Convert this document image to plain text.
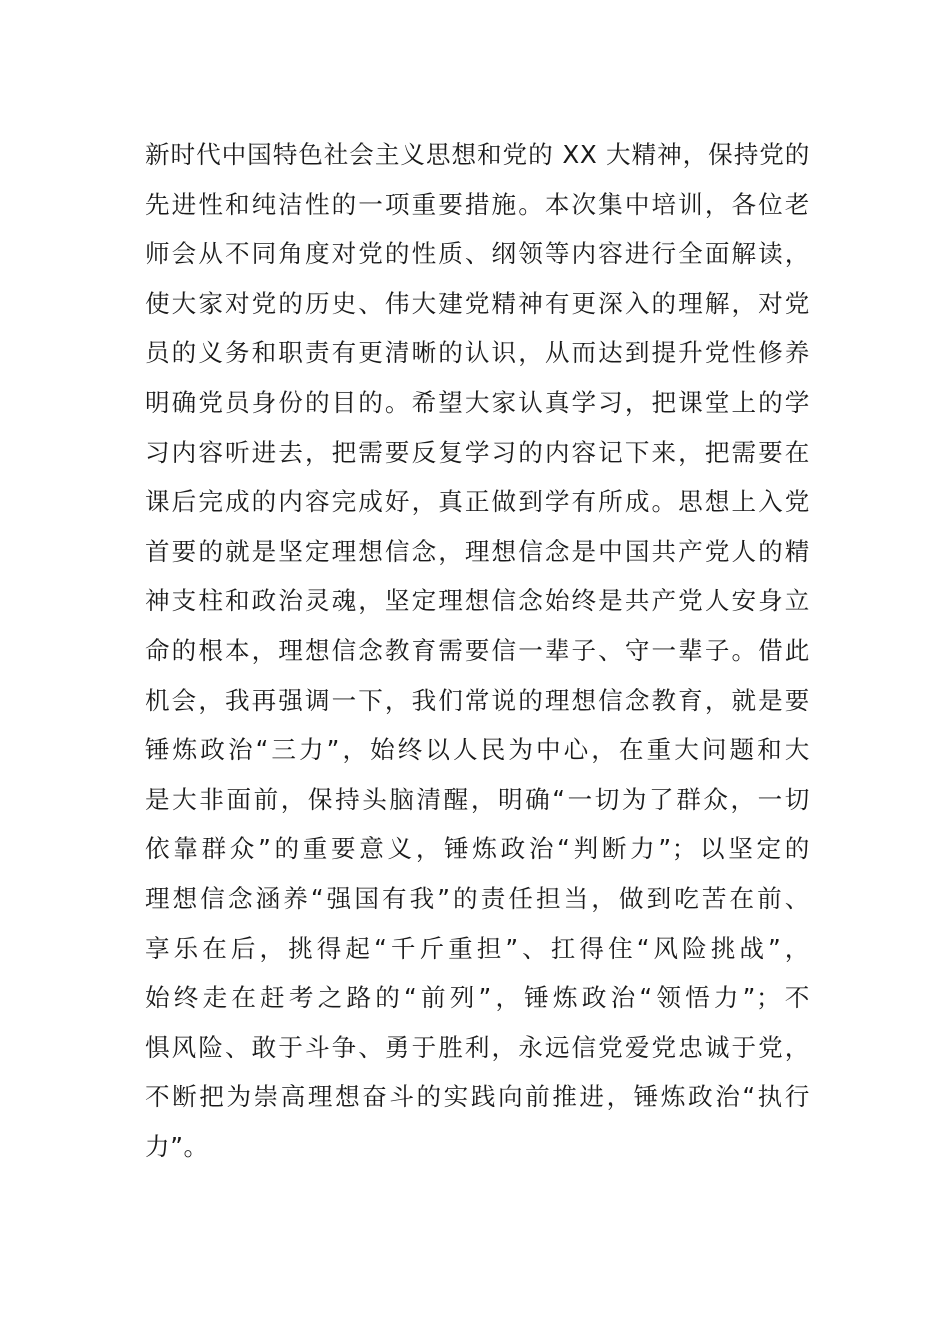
新时代中国特色社会主义思想和党的 XX 大精神，保持党的
先进性和纯洁性的一项重要措施。本次集中培训，各位老
师会从不同角度对党的性质、纲领等内容进行全面解读，
使大家对党的历史、伟大建党精神有更深入的理解，对党
员的义务和职责有更清晰的认识，从而达到提升党性修养
明确党员身份的目的。希望大家认真学习，把课堂上的学
习内容听进去，把需要反复学习的内容记下来，把需要在
课后完成的内容完成好，真正做到学有所成。思想上入党
首要的就是坚定理想信念，理想信念是中国共产党人的精
神支柱和政治灵魂，坚定理想信念始终是共产党人安身立
命的根本，理想信念教育需要信一辈子、守一辈子。借此
机会，我再强调一下，我们常说的理想信念教育，就是要
锤炼政治“三力”，始终以人民为中心，在重大问题和大
是大非面前，保持头脑清醒，明确“一切为了群众，一切
依靠群众”的重要意义，锤炼政治“判断力”；以坚定的
理想信念涵养“强国有我”的责任担当，做到吃苦在前、
享乐在后，挑得起“千斤重担”、扛得住“风险挑战”，
始终走在赶考之路的“前列”，锤炼政治“领悟力”；不
惧风险、敢于斗争、勇于胜利，永远信党爱党忠诚于党，
不断把为崇高理想奋斗的实践向前推进，锤炼政治“执行
力”。
